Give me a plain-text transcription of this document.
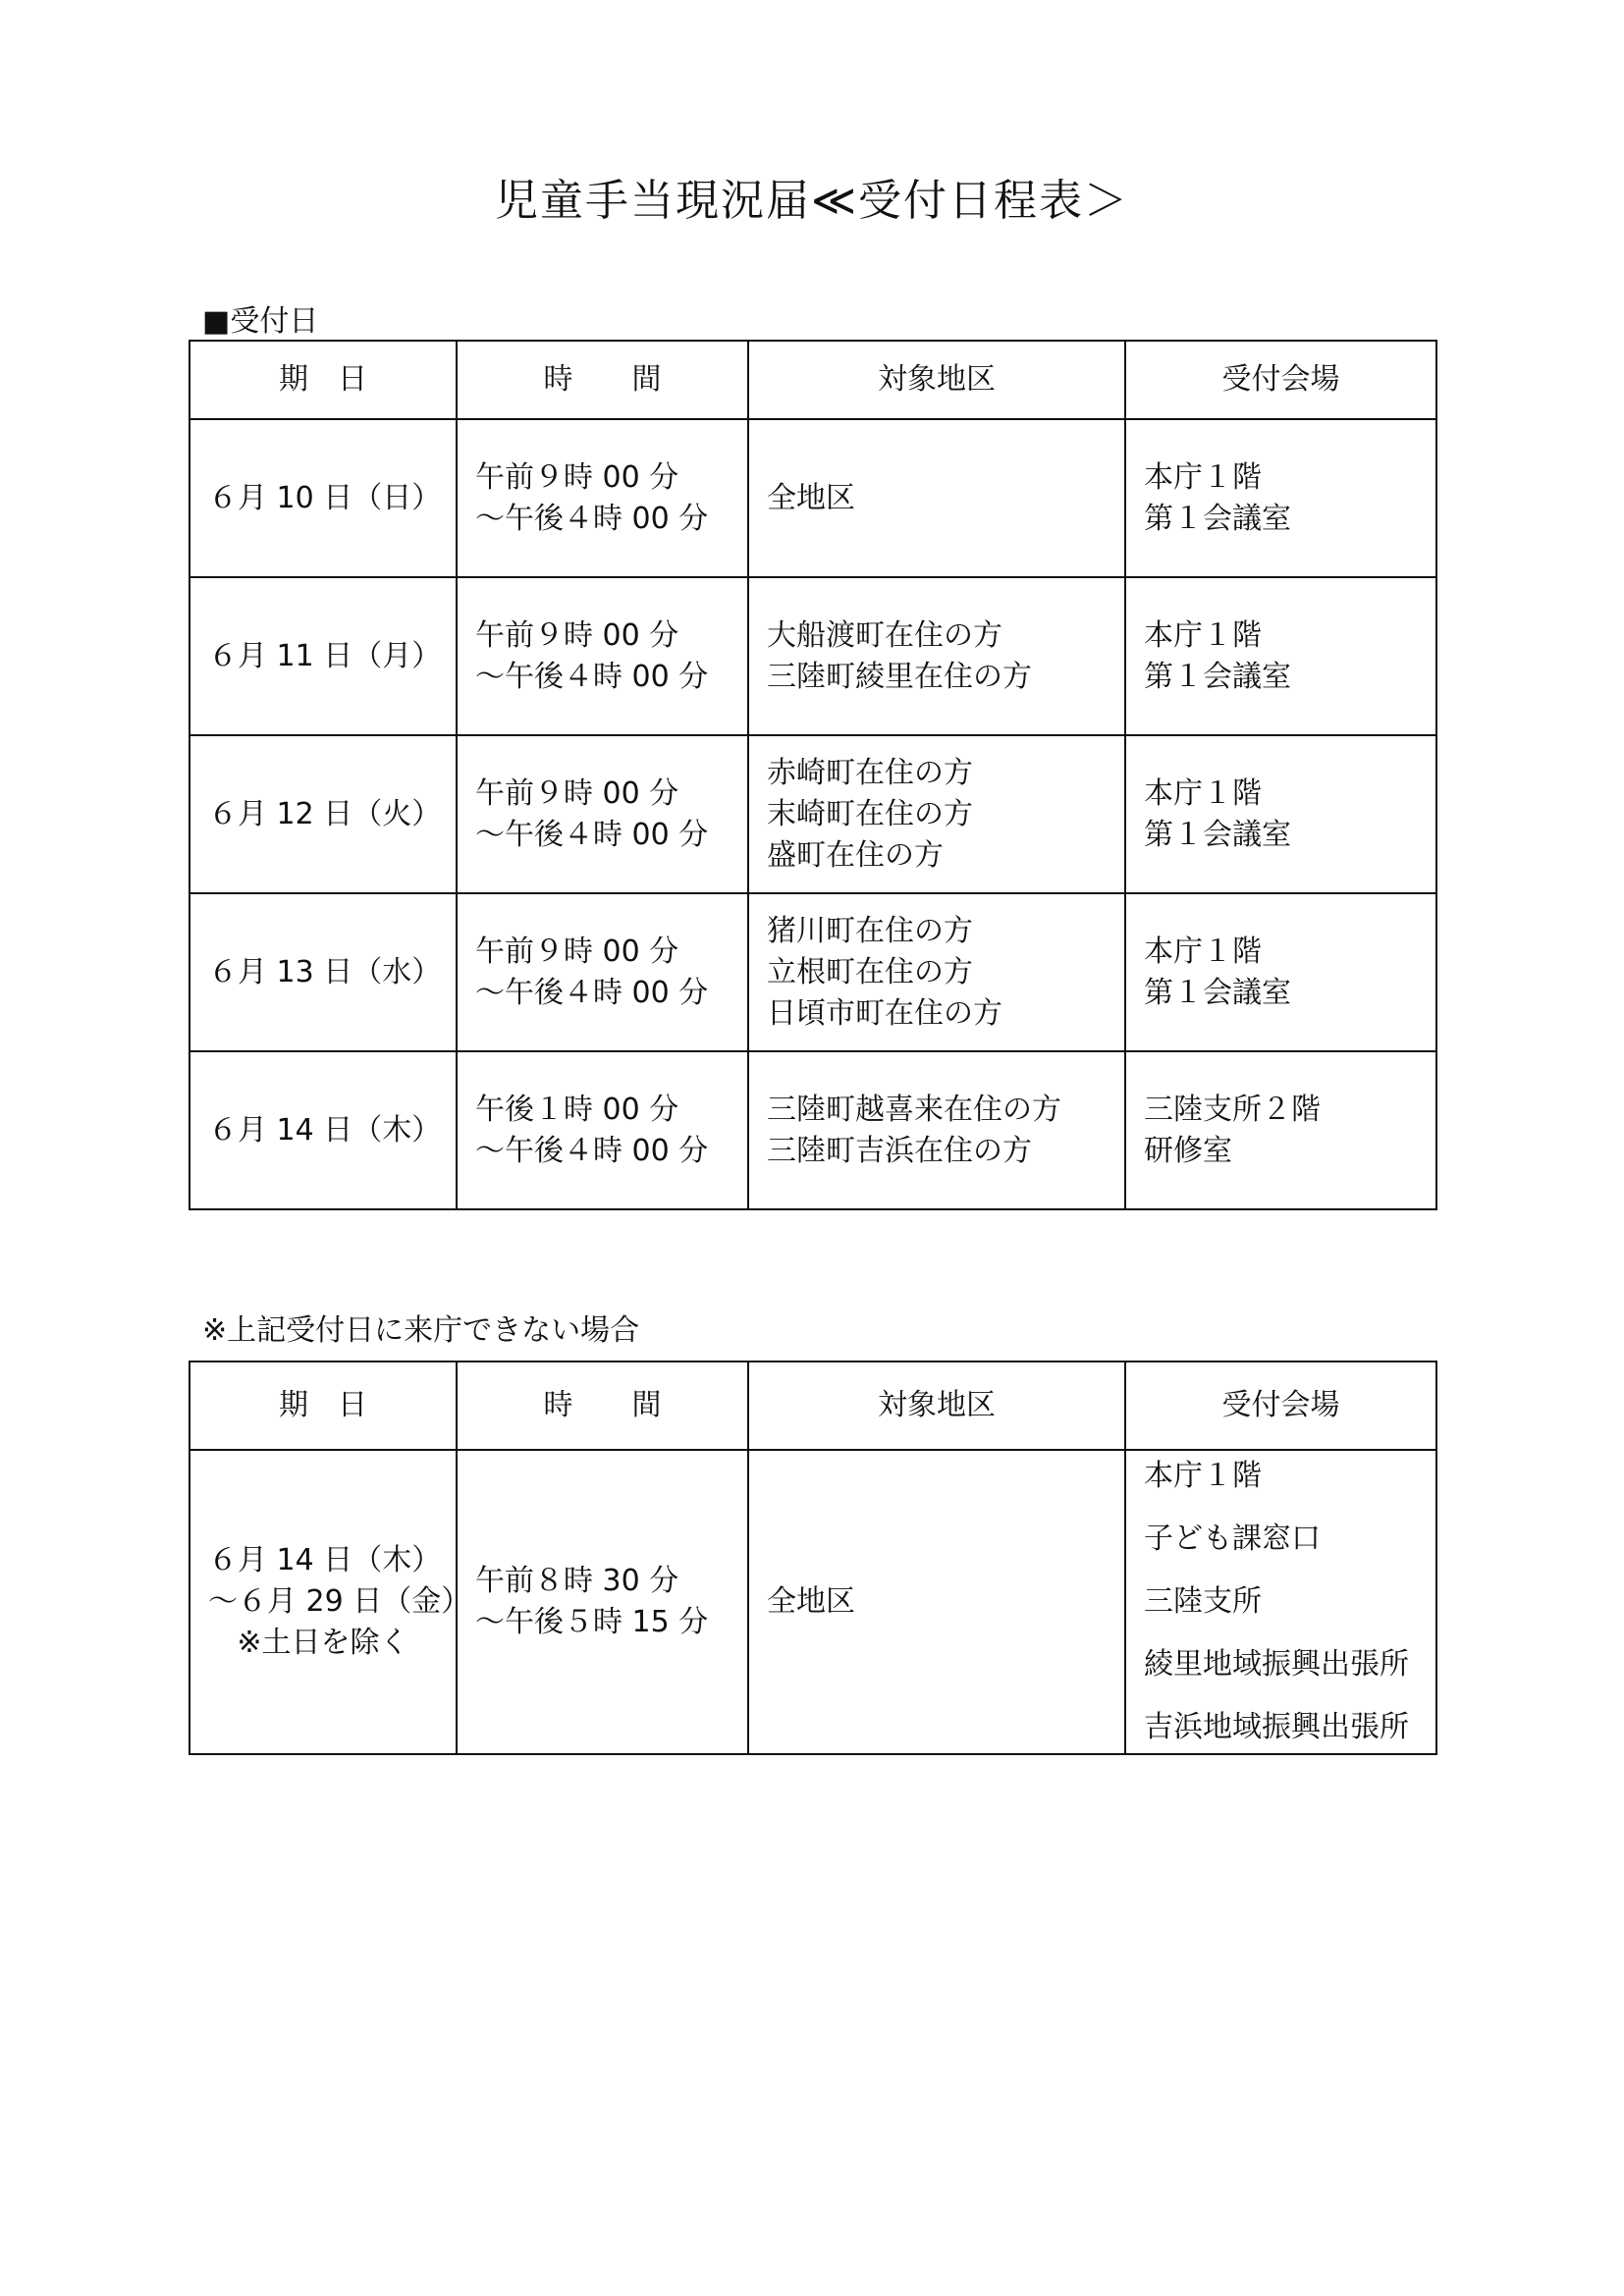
児童手当現況届≪受付日程表＞
■受付日
期　日	時　　間	対象地区	受付会場

６月 10 日（日）	午前９時 00 分
～午後４時 00 分	全地区	本庁１階
第１会議室

６月 11 日（月）	午前９時 00 分
～午後４時 00 分	大船渡町在住の方
三陸町綾里在住の方	本庁１階
第１会議室

６月 12 日（火）	午前９時 00 分
～午後４時 00 分	赤崎町在住の方
末崎町在住の方
盛町在住の方	本庁１階
第１会議室

６月 13 日（水）	午前９時 00 分
～午後４時 00 分	猪川町在住の方
立根町在住の方
日頃市町在住の方	本庁１階
第１会議室

６月 14 日（木）	午後１時 00 分
～午後４時 00 分	三陸町越喜来在住の方
三陸町吉浜在住の方	三陸支所２階
研修室
※上記受付日に来庁できない場合
期　日	時　　間	対象地区	受付会場

６月 14 日（木）
～６月 29 日（金）
※土日を除く	午前８時 30 分
～午後５時 15 分	全地区	本庁１階
子ども課窓口
三陸支所
綾里地域振興出張所
吉浜地域振興出張所
